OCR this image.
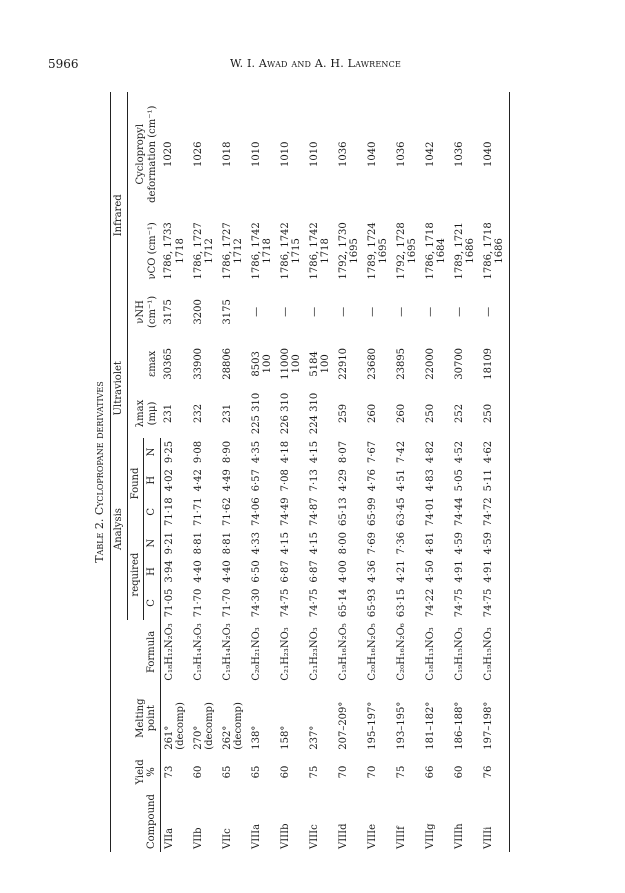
5966	W. I. Awad and A. H. Lawrence
Table 2. Cyclopropane derivatives
Compound	Yield %	Melting point	Formula	Analysis						Ultraviolet		Infrared		
				required			Found			λmax (mμ)	εmax	νNH (cm⁻¹)	νCO (cm⁻¹)	Cyclopropyl deformation (cm⁻¹)
				C	H	N	C	H	N					
VIIa	73	261° (decomp)	C₁₈H₁₂N₂O₃	71·05	3·94	9·21	71·18	4·02	9·25	231	30365	3175	1786, 1733 1718	1020
VIIb	60	270° (decomp)	C₁₉H₁₄N₂O₃	71·70	4·40	8·81	71·71	4·42	9·08	232	33900	3200	1786, 1727 1712	1026
VIIc	65	262° (decomp)	C₁₉H₁₄N₂O₃	71·70	4·40	8·81	71·62	4·49	8·90	231	28806	3175	1786, 1727 1712	1018
VIIIa	65	138°	C₂₀H₂₁NO₃	74·30	6·50	4·33	74·06	6·57	4·35	225 310	8503 100	—	1786, 1742 1718	1010
VIIIb	60	158°	C₂₁H₂₃NO₃	74·75	6·87	4·15	74·49	7·08	4·18	226 310	11000 100	—	1786, 1742 1715	1010
VIIIc	75	237°	C₂₁H₂₃NO₃	74·75	6·87	4·15	74·87	7·13	4·15	224 310	5184 100	—	1786, 1742 1718	1010
VIIId	70	207–209°	C₁₉H₁₆N₂O₅	65·14	4·00	8·00	65·13	4·29	8·07	259	22910	—	1792, 1730 1695	1036
VIIIe	70	195–197°	C₂₀H₁₆N₂O₅	65·93	4·36	7·69	65·99	4·76	7·67	260	23680	—	1789, 1724 1695	1040
VIIIf	75	193–195°	C₂₀H₁₆N₂O₆	63·15	4·21	7·36	63·45	4·51	7·42	260	23895	—	1792, 1728 1695	1036
VIIIg	66	181–182°	C₁₈H₁₃NO₃	74·22	4·50	4·81	74·01	4·83	4·82	250	22000	—	1786, 1718 1684	1042
VIIIh	60	186–188°	C₁₉H₁₅NO₃	74·75	4·91	4·59	74·44	5·05	4·52	252	30700	—	1789, 1721 1686	1036
VIIIi	76	197–198°	C₁₉H₁₅NO₃	74·75	4·91	4·59	74·72	5·11	4·62	250	18109	—	1786, 1718 1686	1040
